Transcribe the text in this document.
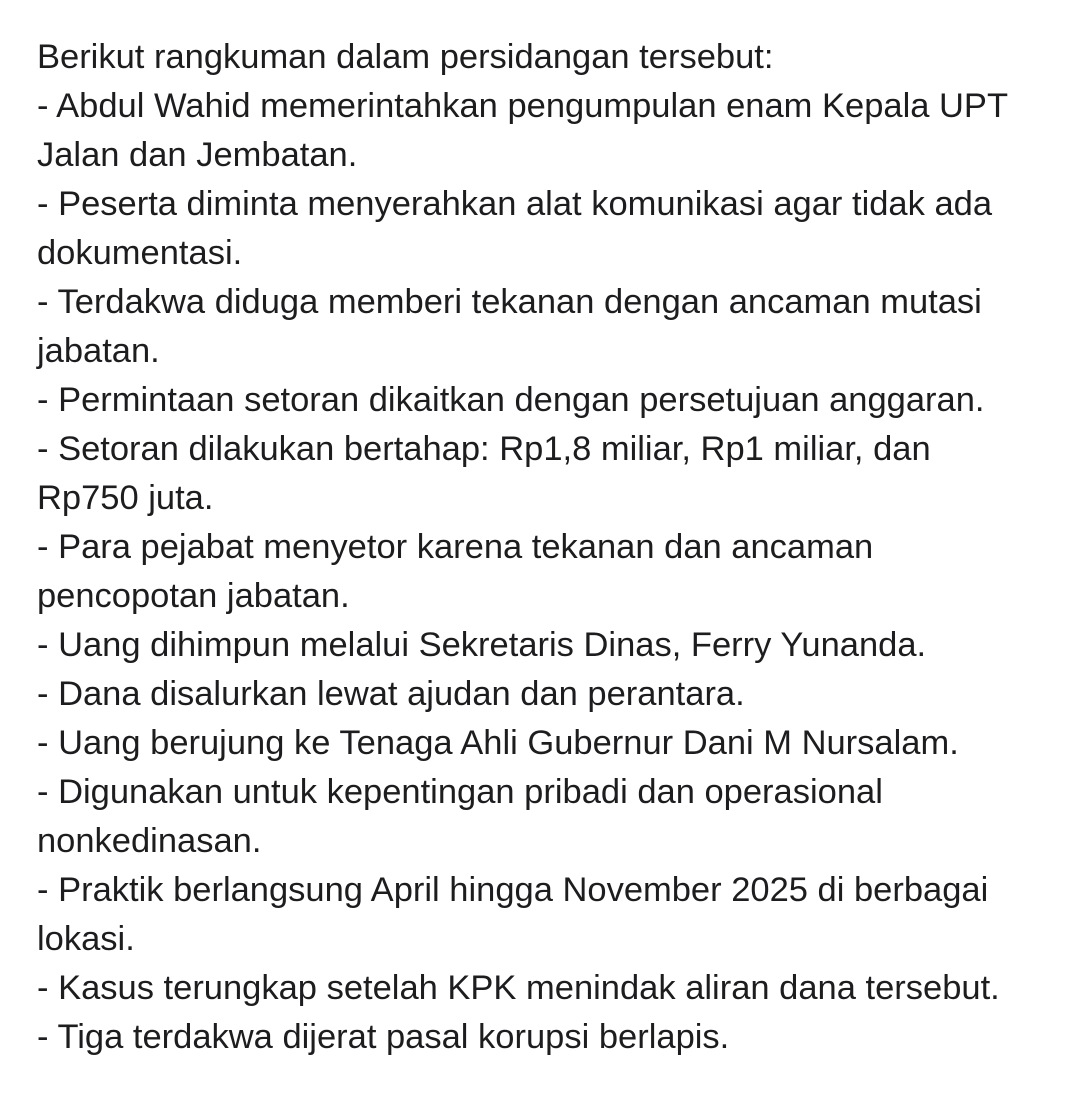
Berikut rangkuman dalam persidangan tersebut:
- Abdul Wahid memerintahkan pengumpulan enam Kepala UPT
Jalan dan Jembatan.
- Peserta diminta menyerahkan alat komunikasi agar tidak ada
dokumentasi.
- Terdakwa diduga memberi tekanan dengan ancaman mutasi
jabatan.
- Permintaan setoran dikaitkan dengan persetujuan anggaran.
- Setoran dilakukan bertahap: Rp1,8 miliar, Rp1 miliar, dan
Rp750 juta.
- Para pejabat menyetor karena tekanan dan ancaman
pencopotan jabatan.
- Uang dihimpun melalui Sekretaris Dinas, Ferry Yunanda.
- Dana disalurkan lewat ajudan dan perantara.
- Uang berujung ke Tenaga Ahli Gubernur Dani M Nursalam.
- Digunakan untuk kepentingan pribadi dan operasional
nonkedinasan.
- Praktik berlangsung April hingga November 2025 di berbagai
lokasi.
- Kasus terungkap setelah KPK menindak aliran dana tersebut.
- Tiga terdakwa dijerat pasal korupsi berlapis.
